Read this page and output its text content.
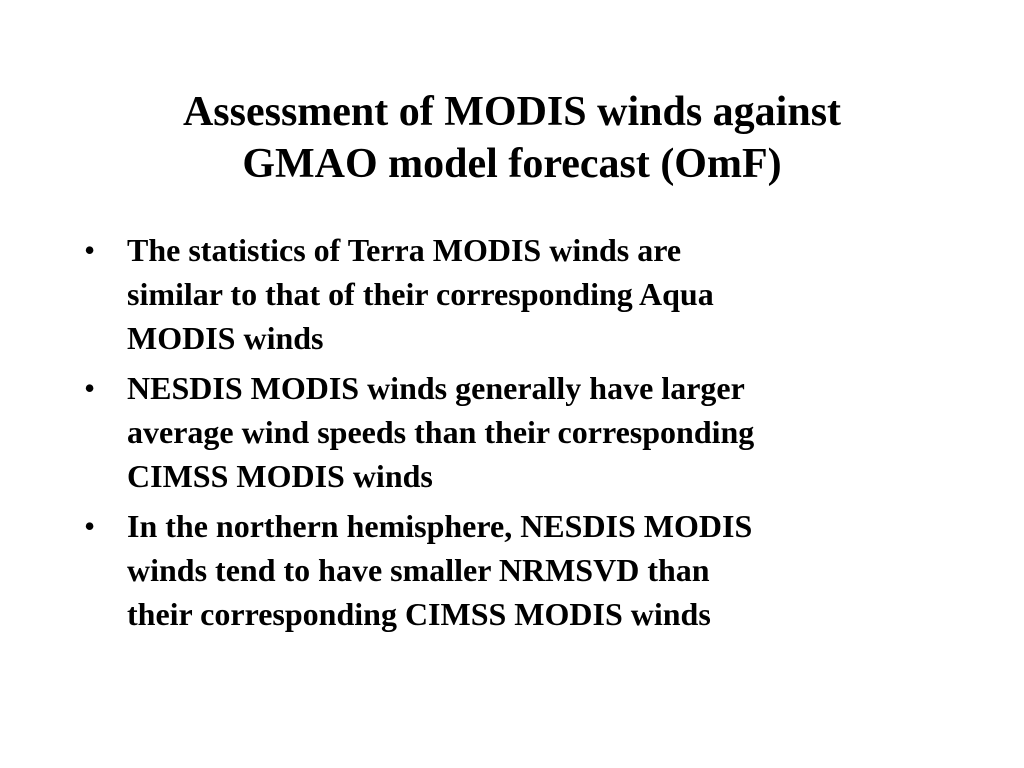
Assessment of MODIS winds against
GMAO model forecast (OmF)
• The statistics of Terra MODIS winds are
similar to that of their corresponding Aqua
MODIS winds
• NESDIS MODIS winds generally have larger
average wind speeds than their corresponding
CIMSS MODIS winds
• In the northern hemisphere, NESDIS MODIS
winds tend to have smaller NRMSVD than
their corresponding CIMSS MODIS winds
